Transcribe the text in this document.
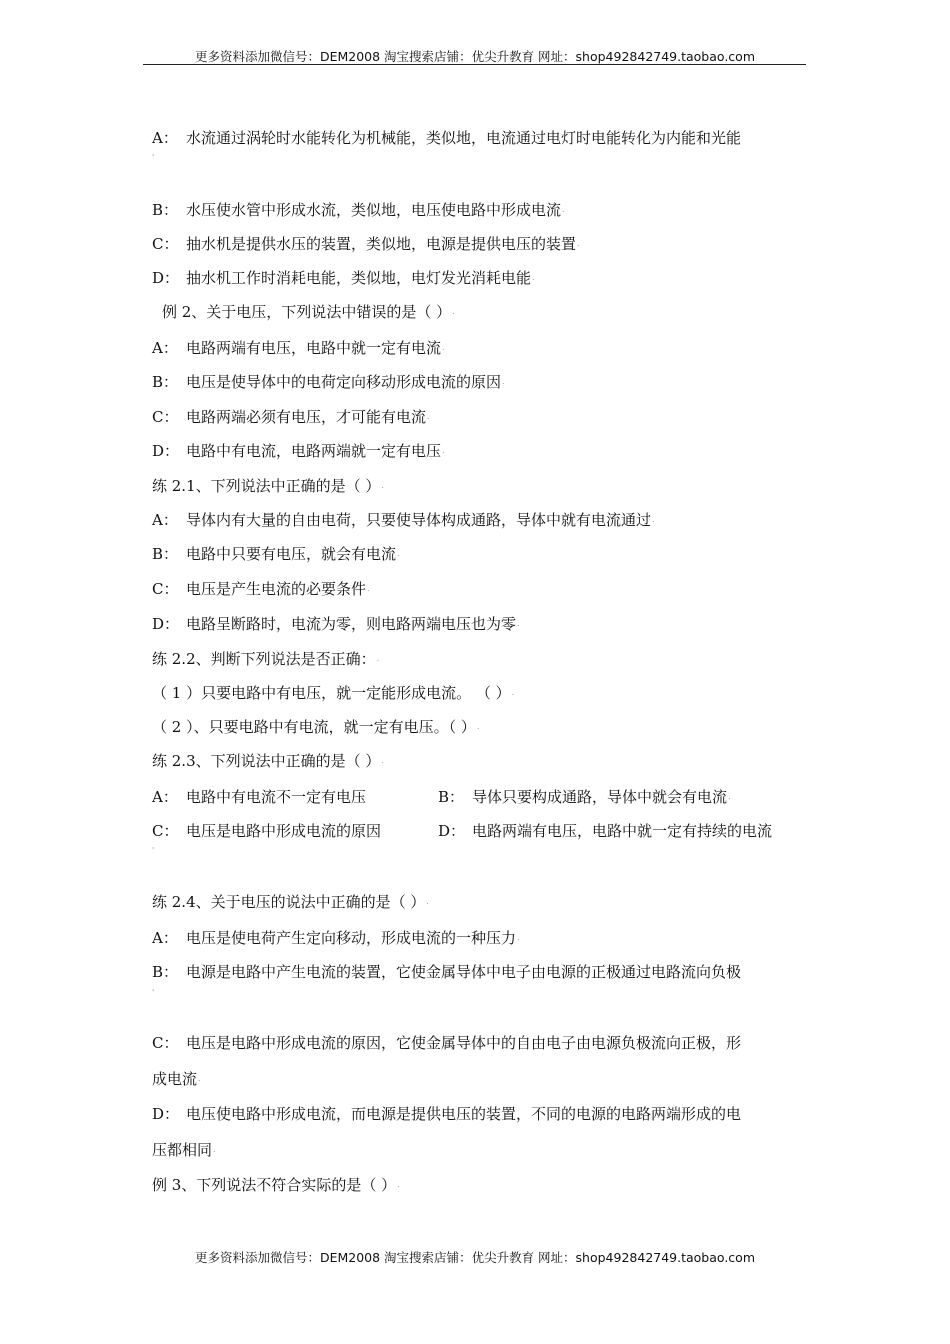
更多资料添加微信号：DEM2008 淘宝搜索店铺：优尖升教育 网址：shop492842749.taobao.com
A： 水流通过涡轮时水能转化为机械能，类似地，电流通过电灯时电能转化为内能和光能
'
B： 水压使水管中形成水流，类似地，电压使电路中形成电流.
C： 抽水机是提供水压的装置，类似地，电源是提供电压的装置.
D： 抽水机工作时消耗电能，类似地，电灯发光消耗电能.
例 2、关于电压，下列说法中错误的是（ ）.
A： 电路两端有电压，电路中就一定有电流.
B： 电压是使导体中的电荷定向移动形成电流的原因.
C： 电路两端必须有电压，才可能有电流.
D： 电路中有电流，电路两端就一定有电压.
练 2.1、下列说法中正确的是（ ）.
A： 导体内有大量的自由电荷，只要使导体构成通路，导体中就有电流通过.
B： 电路中只要有电压，就会有电流.
C： 电压是产生电流的必要条件.
D： 电路呈断路时，电流为零，则电路两端电压也为零.
练 2.2、判断下列说法是否正确：.
（ 1 ）只要电路中有电压，就一定能形成电流。 （ ）.
（ 2 ）、只要电路中有电流，就一定有电压。（ ）.
练 2.3、下列说法中正确的是（ ）.
A： 电路中有电流不一定有电压	B： 导体只要构成通路，导体中就会有电流.
C： 电压是电路中形成电流的原因	D： 电路两端有电压，电路中就一定有持续的电流
'
练 2.4、关于电压的说法中正确的是（ ）.
A： 电压是使电荷产生定向移动，形成电流的一种压力.
B： 电源是电路中产生电流的装置，它使金属导体中电子由电源的正极通过电路流向负极
'
C： 电压是电路中形成电流的原因，它使金属导体中的自由电子由电源负极流向正极，形
成电流.
D： 电压使电路中形成电流，而电源是提供电压的装置，不同的电源的电路两端形成的电
压都相同.
例 3、下列说法不符合实际的是（ ）.
更多资料添加微信号：DEM2008 淘宝搜索店铺：优尖升教育 网址：shop492842749.taobao.com
